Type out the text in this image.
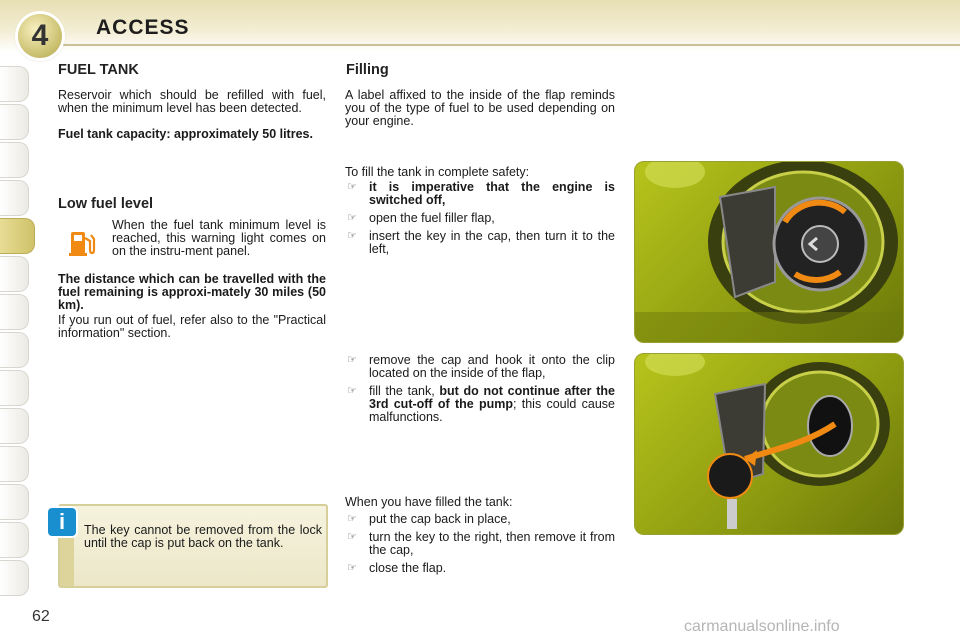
4	ACCESS
FUEL TANK
Reservoir which should be refilled with fuel, when the minimum level has been detected.
Fuel tank capacity: approximately 50 litres.
Low fuel level
When the fuel tank minimum level is reached, this warning light comes on on the instru-ment panel.
The distance which can be travelled with the fuel remaining is approxi-mately 30 miles (50 km).
If you run out of fuel, refer also to the "Practical information" section.
The key cannot be removed from the lock until the cap is put back on the tank.
i
Filling
A label affixed to the inside of the flap reminds you of the type of fuel to be used depending on your engine.
To fill the tank in complete safety:
☞ it is imperative that the engine is switched off,
☞ open the fuel filler flap,
☞ insert the key in the cap, then turn it to the left,
☞ remove the cap and hook it onto the clip located on the inside of the flap,
☞ fill the tank, but do not continue after the 3rd cut-off of the pump; this could cause malfunctions.
When you have filled the tank:
☞ put the cap back in place,
☞ turn the key to the right, then remove it from the cap,
☞ close the flap.
62
carmanualsonline.info
